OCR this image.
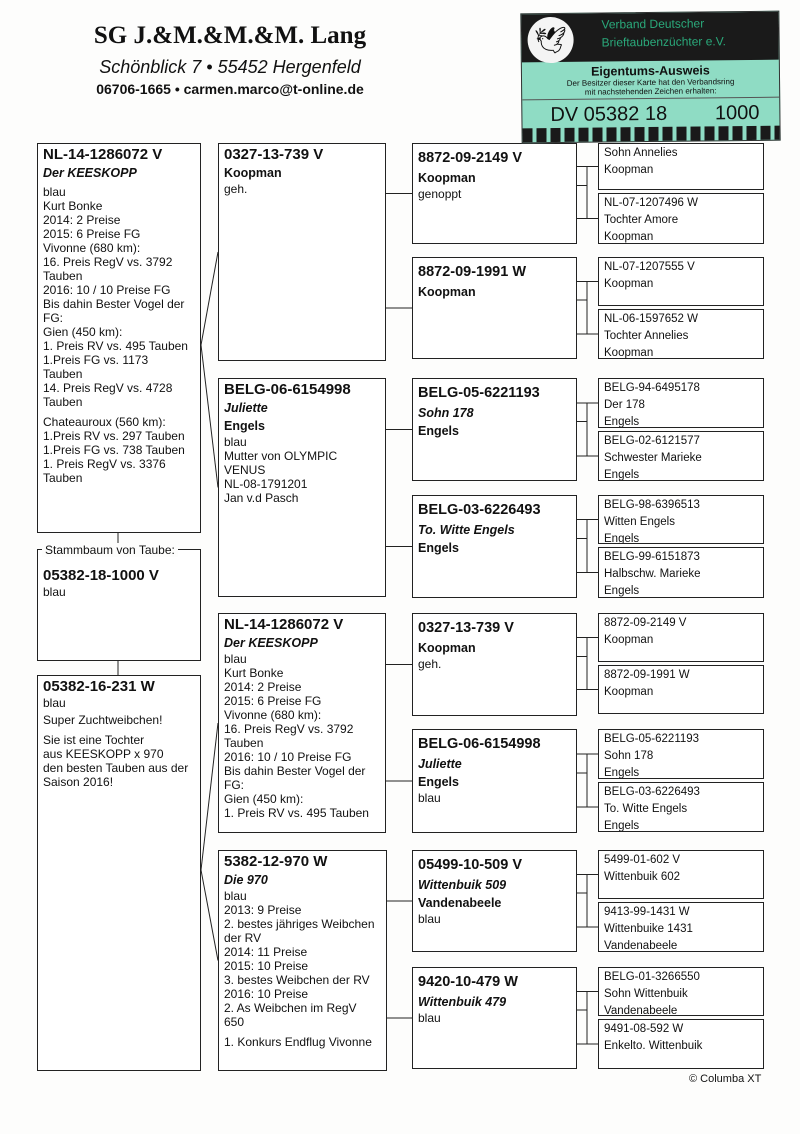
SG J.&M.&M.&M. Lang
Schönblick 7 • 55452 Hergenfeld
06706-1665 • carmen.marco@t-online.de
NL-14-1286072 V
Der KEESKOPP
blau
Kurt Bonke
2014: 2 Preise
2015: 6 Preise FG
Vivonne (680 km):
16. Preis RegV vs. 3792
Tauben
2016: 10 / 10 Preise FG
Bis dahin Bester Vogel der
FG:
Gien (450 km):
1. Preis RV vs. 495 Tauben
1.Preis FG vs. 1173
Tauben
14. Preis RegV vs. 4728
Tauben
Chateauroux (560 km):
1.Preis RV vs. 297 Tauben
1.Preis FG vs. 738 Tauben
1. Preis RegV vs. 3376
Tauben
05382-18-1000 V
blau
05382-16-231 W
blau
Super Zuchtweibchen!
Sie ist eine Tochter
aus KEESKOPP x 970
den besten Tauben aus der
Saison 2016!
0327-13-739 V
Koopman
geh.
BELG-06-6154998
Juliette
Engels
blau
Mutter von OLYMPIC
VENUS
NL-08-1791201
Jan v.d Pasch
NL-14-1286072 V
Der KEESKOPP
blau
Kurt Bonke
2014: 2 Preise
2015: 6 Preise FG
Vivonne (680 km):
16. Preis RegV vs. 3792
Tauben
2016: 10 / 10 Preise FG
Bis dahin Bester Vogel der
FG:
Gien (450 km):
1. Preis RV vs. 495 Tauben
5382-12-970 W
Die 970
blau
2013: 9 Preise
2. bestes jähriges Weibchen
der RV
2014: 11 Preise
2015: 10 Preise
3. bestes Weibchen der RV
2016: 10 Preise
2. As Weibchen im RegV
650
1. Konkurs Endflug Vivonne
8872-09-2149 V
Koopman
genoppt
8872-09-1991 W
Koopman
BELG-05-6221193
Sohn 178
Engels
BELG-03-6226493
To. Witte Engels
Engels
0327-13-739 V
Koopman
geh.
BELG-06-6154998
Juliette
Engels
blau
05499-10-509 V
Wittenbuik 509
Vandenabeele
blau
9420-10-479 W
Wittenbuik 479
blau
Sohn Annelies
Koopman
NL-07-1207496 W
Tochter Amore
Koopman
NL-07-1207555 V
Koopman
NL-06-1597652 W
Tochter Annelies
Koopman
BELG-94-6495178
Der 178
Engels
BELG-02-6121577
Schwester Marieke
Engels
BELG-98-6396513
Witten Engels
Engels
BELG-99-6151873
Halbschw. Marieke
Engels
8872-09-2149 V
Koopman
8872-09-1991 W
Koopman
BELG-05-6221193
Sohn 178
Engels
BELG-03-6226493
To. Witte Engels
Engels
5499-01-602 V
Wittenbuik 602
9413-99-1431 W
Wittenbuike 1431
Vandenabeele
BELG-01-3266550
Sohn Wittenbuik
Vandenabeele
9491-08-592 W
Enkelto. Wittenbuik
Stammbaum von Taube:
🕊
Verband Deutscher
Brieftaubenzüchter e.V.
Eigentums-Ausweis
Der Besitzer dieser Karte hat den Verbandsring
mit nachstehenden Zeichen erhalten:
DV 05382 18 1000
© Columba XT
